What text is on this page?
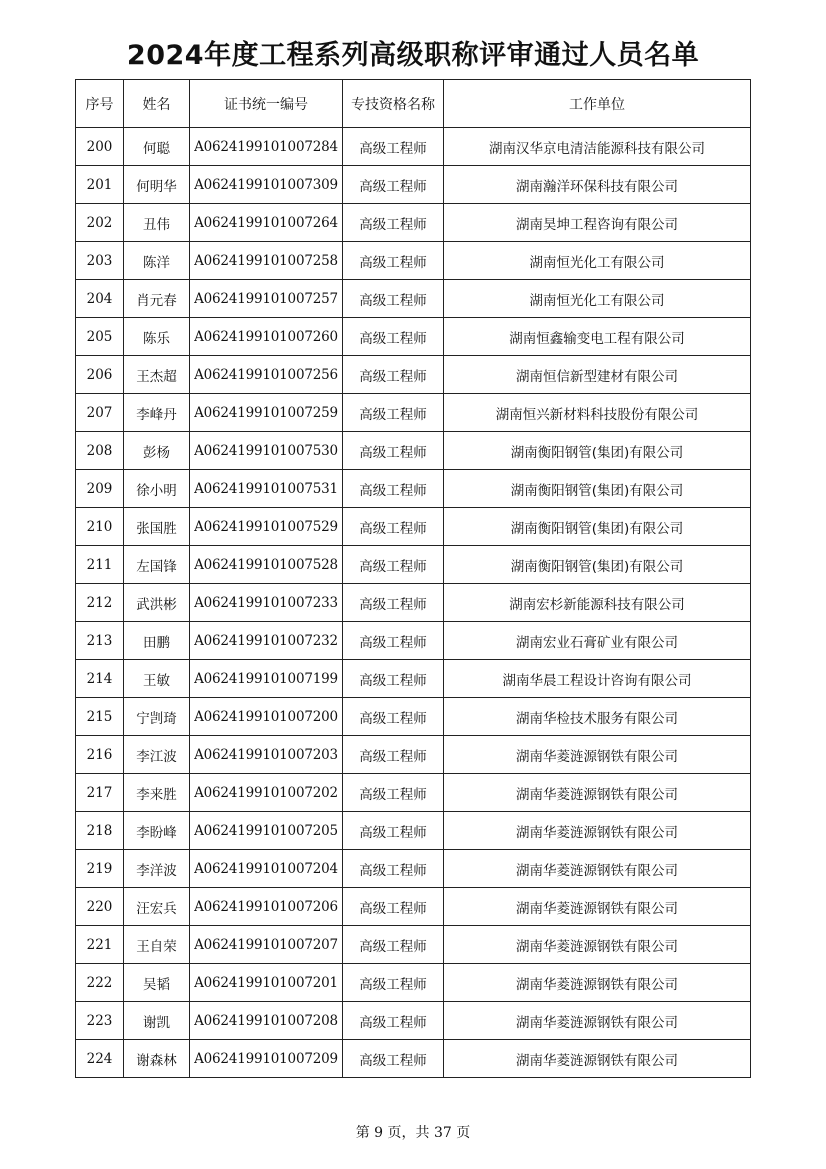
2024年度工程系列高级职称评审通过人员名单
序号	姓名	证书统一编号	专技资格名称	工作单位
200	何聪	A0624199101007284	高级工程师	湖南汉华京电清洁能源科技有限公司
201	何明华	A0624199101007309	高级工程师	湖南瀚洋环保科技有限公司
202	丑伟	A0624199101007264	高级工程师	湖南昊坤工程咨询有限公司
203	陈洋	A0624199101007258	高级工程师	湖南恒光化工有限公司
204	肖元春	A0624199101007257	高级工程师	湖南恒光化工有限公司
205	陈乐	A0624199101007260	高级工程师	湖南恒鑫输变电工程有限公司
206	王杰超	A0624199101007256	高级工程师	湖南恒信新型建材有限公司
207	李峰丹	A0624199101007259	高级工程师	湖南恒兴新材料科技股份有限公司
208	彭杨	A0624199101007530	高级工程师	湖南衡阳钢管(集团)有限公司
209	徐小明	A0624199101007531	高级工程师	湖南衡阳钢管(集团)有限公司
210	张国胜	A0624199101007529	高级工程师	湖南衡阳钢管(集团)有限公司
211	左国锋	A0624199101007528	高级工程师	湖南衡阳钢管(集团)有限公司
212	武洪彬	A0624199101007233	高级工程师	湖南宏杉新能源科技有限公司
213	田鹏	A0624199101007232	高级工程师	湖南宏业石膏矿业有限公司
214	王敏	A0624199101007199	高级工程师	湖南华晨工程设计咨询有限公司
215	宁剀琦	A0624199101007200	高级工程师	湖南华检技术服务有限公司
216	李江波	A0624199101007203	高级工程师	湖南华菱涟源钢铁有限公司
217	李来胜	A0624199101007202	高级工程师	湖南华菱涟源钢铁有限公司
218	李盼峰	A0624199101007205	高级工程师	湖南华菱涟源钢铁有限公司
219	李洋波	A0624199101007204	高级工程师	湖南华菱涟源钢铁有限公司
220	汪宏兵	A0624199101007206	高级工程师	湖南华菱涟源钢铁有限公司
221	王自荣	A0624199101007207	高级工程师	湖南华菱涟源钢铁有限公司
222	吴韬	A0624199101007201	高级工程师	湖南华菱涟源钢铁有限公司
223	谢凯	A0624199101007208	高级工程师	湖南华菱涟源钢铁有限公司
224	谢森林	A0624199101007209	高级工程师	湖南华菱涟源钢铁有限公司
第 9 页，共 37 页
